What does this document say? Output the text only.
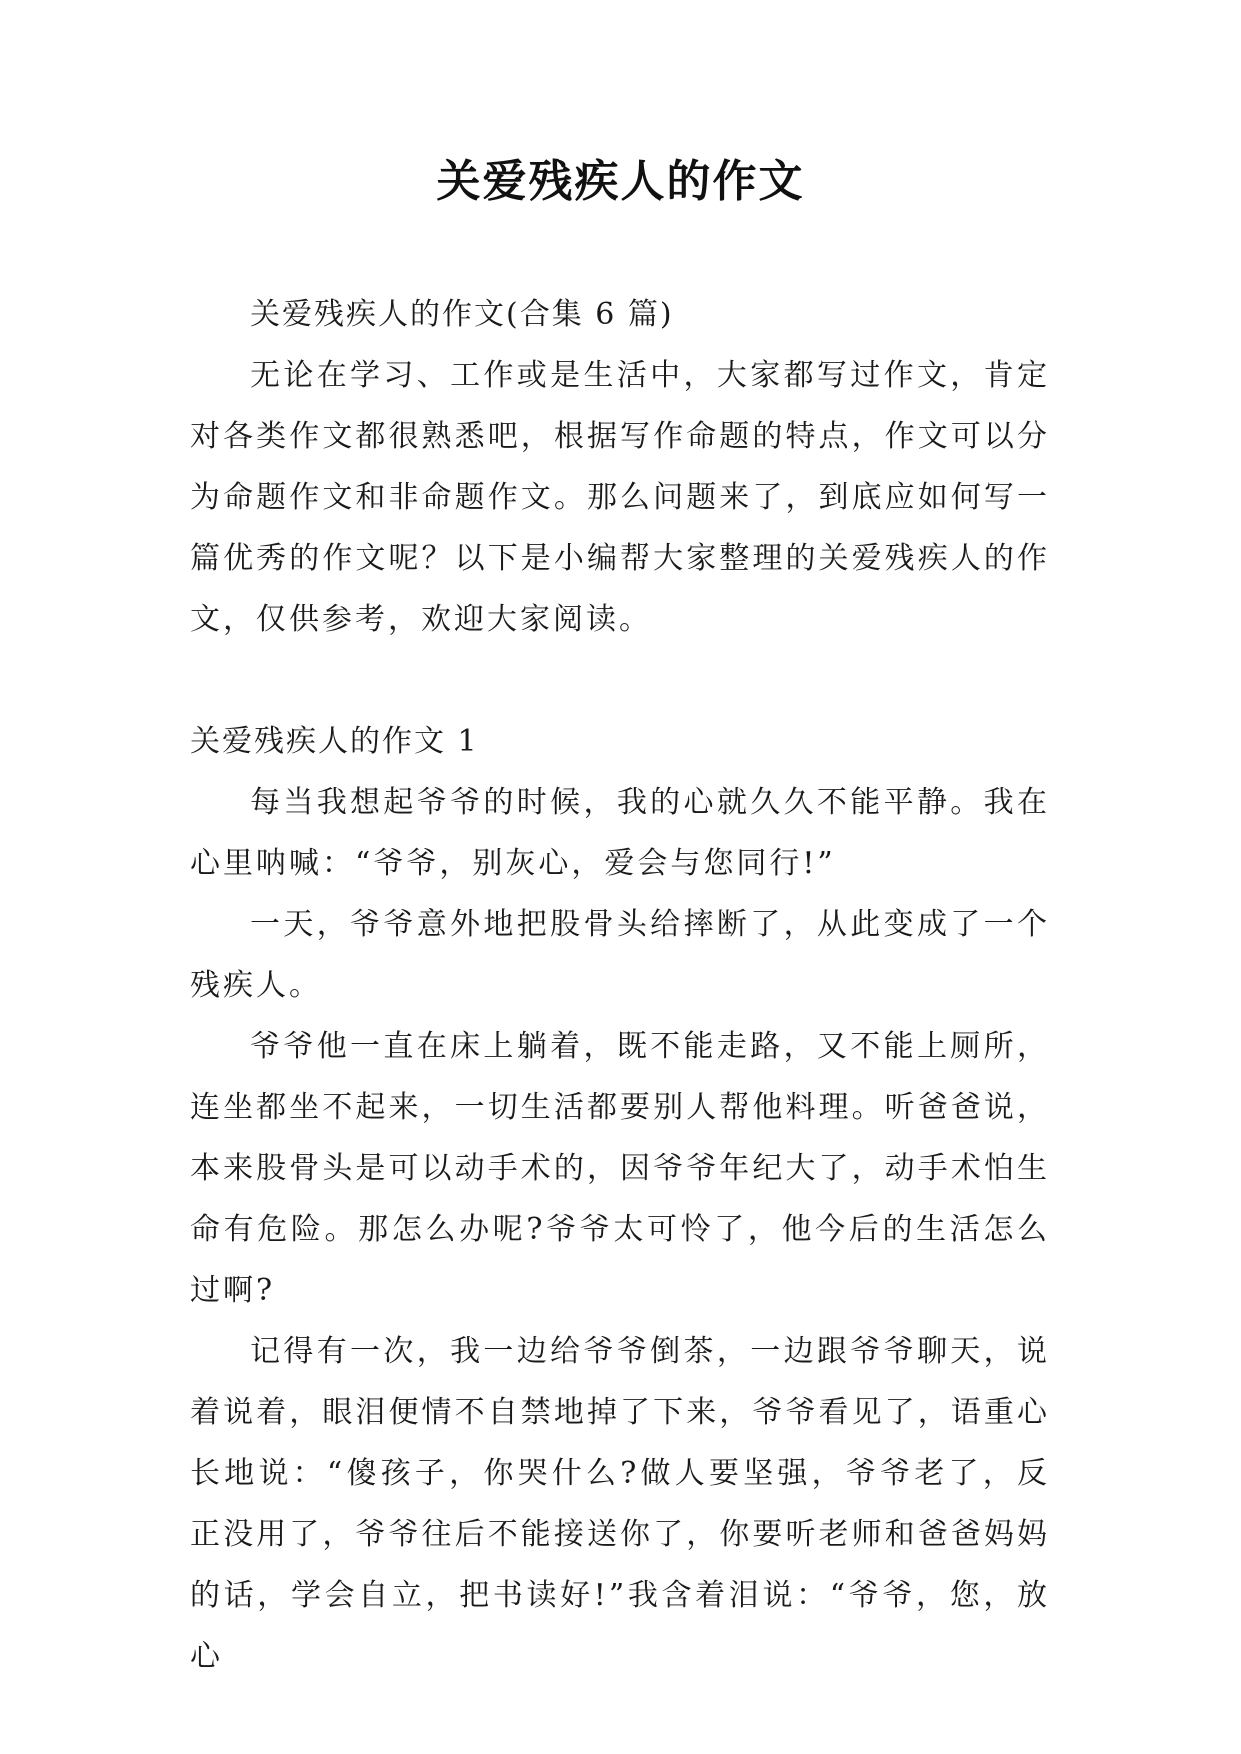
关爱残疾人的作文

关爱残疾人的作文(合集 6 篇)

无论在学习、工作或是生活中，大家都写过作文，肯定对各类作文都很熟悉吧，根据写作命题的特点，作文可以分为命题作文和非命题作文。那么问题来了，到底应如何写一篇优秀的作文呢？以下是小编帮大家整理的关爱残疾人的作文，仅供参考，欢迎大家阅读。

关爱残疾人的作文 1

每当我想起爷爷的时候，我的心就久久不能平静。我在心里呐喊：“爷爷，别灰心，爱会与您同行!”

一天，爷爷意外地把股骨头给摔断了，从此变成了一个残疾人。

爷爷他一直在床上躺着，既不能走路，又不能上厕所，连坐都坐不起来，一切生活都要别人帮他料理。听爸爸说，本来股骨头是可以动手术的，因爷爷年纪大了，动手术怕生命有危险。那怎么办呢?爷爷太可怜了，他今后的生活怎么过啊?

记得有一次，我一边给爷爷倒茶，一边跟爷爷聊天，说着说着，眼泪便情不自禁地掉了下来，爷爷看见了，语重心长地说：“傻孩子，你哭什么?做人要坚强，爷爷老了，反正没用了，爷爷往后不能接送你了，你要听老师和爸爸妈妈的话，学会自立，把书读好!”我含着泪说：“爷爷，您，放心
